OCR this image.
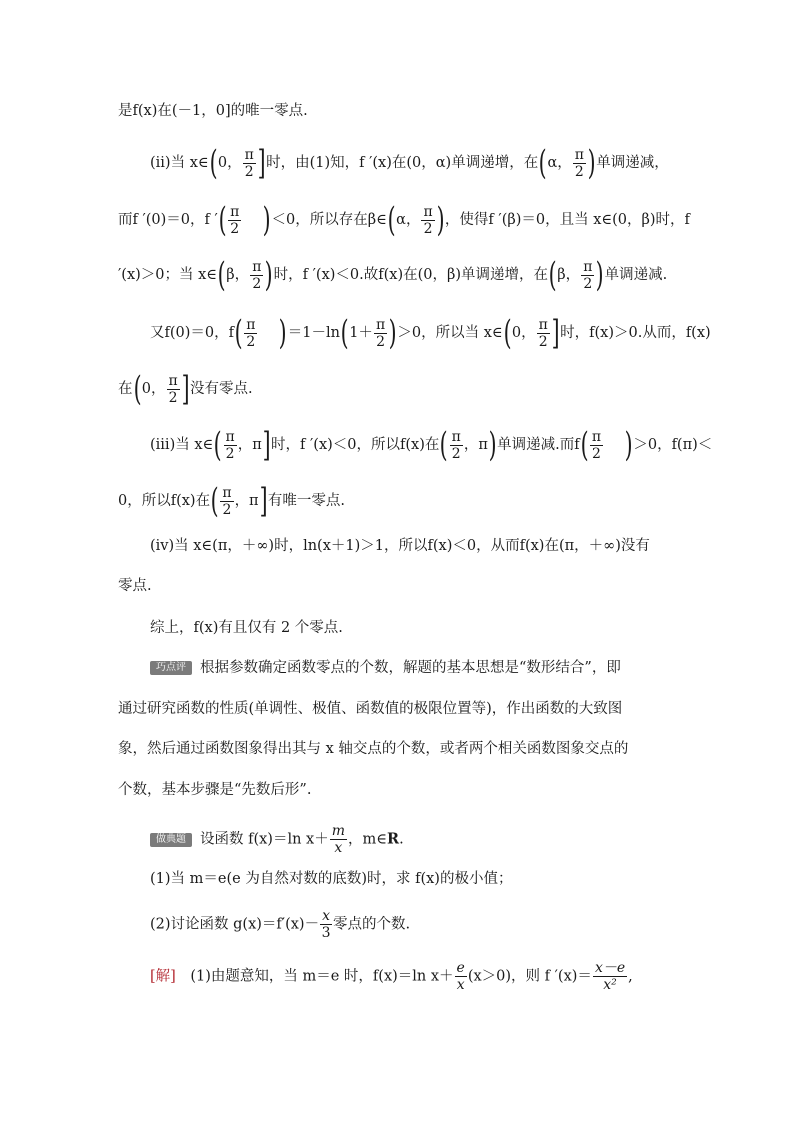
是f(x)在(－1，0]的唯一零点.
(ⅱ)当 x∈(0， $\frac{\pi}{2}$ ]时，由(1)知，f ′(x)在(0，α)单调递增，在(α， $\frac{\pi}{2}$ )单调递减，
而f ′(0)＝0，f ′( $\frac{\pi}{2} )<0$，所以存在β∈(α， $\frac{\pi}{2}$ )，使得f ′(β)＝0，且当 x∈(0，β)时，f
′(x)＞0；当 x∈(β， $\frac{\pi}{2}$ )时，f ′(x)＜0.故f(x)在(0，β)单调递增，在(β， $\frac{\pi}{2}$ )单调递减.
又f(0)＝0，$f( \frac{\pi}{2} )=1-\ln(1+ \frac{\pi}{2} )>0$，所以当 x∈(0， $\frac{\pi}{2}$ ]时，f(x)＞0.从而，f(x)
在(0， $\frac{\pi}{2}$ ]没有零点.
(ⅲ)当 x∈( $\frac{\pi}{2}$ ，π]时，f ′(x)＜0，所以f(x)在( $\frac{\pi}{2}$ ，π)单调递减.而$f( \frac{\pi}{2} )>0$，f(π)＜
0，所以f(x)在( $\frac{\pi}{2}$ ，π]有唯一零点.
(ⅳ)当 x∈(π，＋∞)时，ln(x＋1)＞1，所以f(x)＜0，从而f(x)在(π，＋∞)没有
零点.
综上，f(x)有且仅有 2 个零点.
巧点评 根据参数确定函数零点的个数，解题的基本思想是“数形结合”，即
通过研究函数的性质(单调性、极值、函数值的极限位置等)，作出函数的大致图
象，然后通过函数图象得出其与 x 轴交点的个数，或者两个相关函数图象交点的
个数，基本步骤是“先数后形”.
做典题 设函数 f(x)＝ln $x+ \frac{m}{x}$ ，m∈R.
(1)当 m＝e(e 为自然对数的底数)时，求 f(x)的极小值；
(2)讨论函数 $g(x)=f'(x)- \frac{x}{3}$ 零点的个数.
[解]　(1)由题意知，当 m＝e 时，f(x)＝ln $x+ \frac{e}{x} (x>0)$，则 f $'(x)= \frac{x-e}{\text{x²}}$ ,
